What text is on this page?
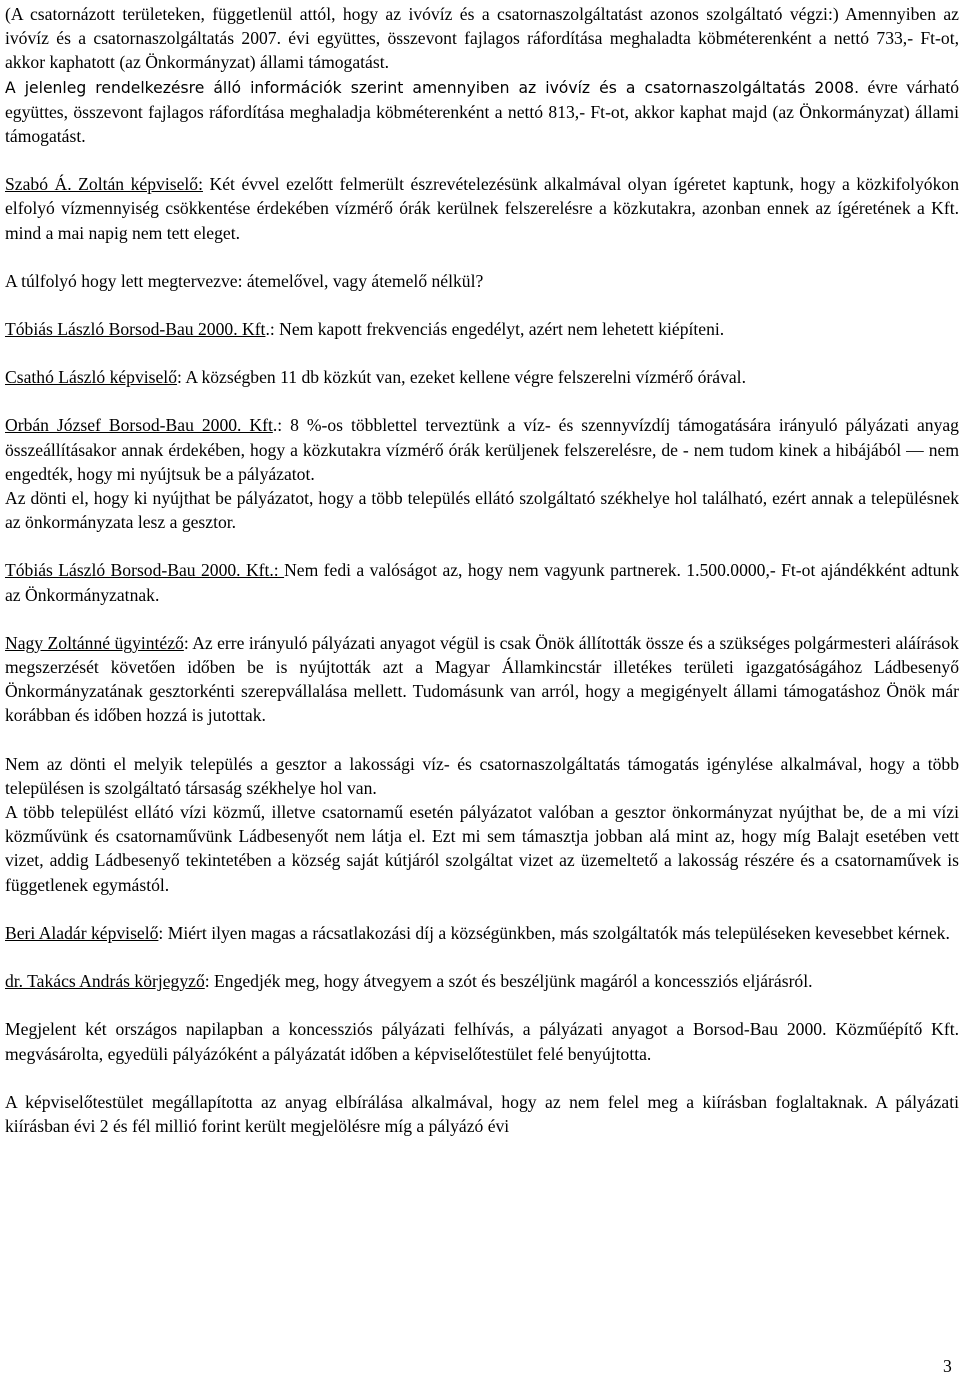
(A csatornázott területeken, függetlenül attól, hogy az ivóvíz és a csatornaszolgáltatást azonos szolgáltató végzi:) Amennyiben az ivóvíz és a csatornaszolgáltatás 2007. évi együttes, összevont fajlagos ráfordítása meghaladta köbméterenként a nettó 733,- Ft-ot, akkor kaphatott (az Önkormányzat) állami támogatást.

A jelenleg rendelkezésre álló információk szerint amennyiben az ivóvíz és a csatornaszolgáltatás 2008. évre várható együttes, összevont fajlagos ráfordítása meghaladja köbméterenként a nettó 813,- Ft-ot, akkor kaphat majd (az Önkormányzat) állami támogatást.

Szabó Á. Zoltán képviselő: Két évvel ezelőtt felmerült észrevételezésünk alkalmával olyan ígéretet kaptunk, hogy a közkifolyókon elfolyó vízmennyiség csökkentése érdekében vízmérő órák kerülnek felszerelésre a közkutakra, azonban ennek az ígéretének a Kft. mind a mai napig nem tett eleget.

A túlfolyó hogy lett megtervezve: átemelővel, vagy átemelő nélkül?

Tóbiás László Borsod-Bau 2000. Kft.: Nem kapott frekvenciás engedélyt, azért nem lehetett kiépíteni.

Csathó László képviselő: A községben 11 db közkút van, ezeket kellene végre felszerelni vízmérő órával.

Orbán József Borsod-Bau 2000. Kft.: 8 %-os többlettel terveztünk a víz- és szennyvízdíj támogatására irányuló pályázati anyag összeállításakor annak érdekében, hogy a közkutakra vízmérő órák kerüljenek felszerelésre, de - nem tudom kinek a hibájából — nem engedték, hogy mi nyújtsuk be a pályázatot.

Az dönti el, hogy ki nyújthat be pályázatot, hogy a több település ellátó szolgáltató székhelye hol található, ezért annak a településnek az önkormányzata lesz a gesztor.

Tóbiás László Borsod-Bau 2000. Kft.: Nem fedi a valóságot az, hogy nem vagyunk partnerek. 1.500.0000,- Ft-ot ajándékként adtunk az Önkormányzatnak.

Nagy Zoltánné ügyintéző: Az erre irányuló pályázati anyagot végül is csak Önök állították össze és a szükséges polgármesteri aláírások megszerzését követően időben be is nyújtották azt a Magyar Államkincstár illetékes területi igazgatóságához Ládbesenyő Önkormányzatának gesztorkénti szerepvállalása mellett. Tudomásunk van arról, hogy a megigényelt állami támogatáshoz Önök már korábban és időben hozzá is jutottak.

Nem az dönti el melyik település a gesztor a lakossági víz- és csatornaszolgáltatás támogatás igénylése alkalmával, hogy a több településen is szolgáltató társaság székhelye hol van.

A több települést ellátó vízi közmű, illetve csatornamű esetén pályázatot valóban a gesztor önkormányzat nyújthat be, de a mi vízi közművünk és csatornaművünk Ládbesenyőt nem látja el. Ezt mi sem támasztja jobban alá mint az, hogy míg Balajt esetében vett vizet, addig Ládbesenyő tekintetében a község saját kútjáról szolgáltat vizet az üzemeltető a lakosság részére és a csatornaművek is függetlenek egymástól.

Beri Aladár képviselő: Miért ilyen magas a rácsatlakozási díj a községünkben, más szolgáltatók más településeken kevesebbet kérnek.

dr. Takács András körjegyző: Engedjék meg, hogy átvegyem a szót és beszéljünk magáról a koncessziós eljárásról.

Megjelent két országos napilapban a koncessziós pályázati felhívás, a pályázati anyagot a Borsod-Bau 2000. Közműépítő Kft. megvásárolta, egyedüli pályázóként a pályázatát időben a képviselőtestület felé benyújtotta.

A képviselőtestület megállapította az anyag elbírálása alkalmával, hogy az nem felel meg a kiírásban foglaltaknak. A pályázati kiírásban évi 2 és fél millió forint került megjelölésre míg a pályázó évi

3
